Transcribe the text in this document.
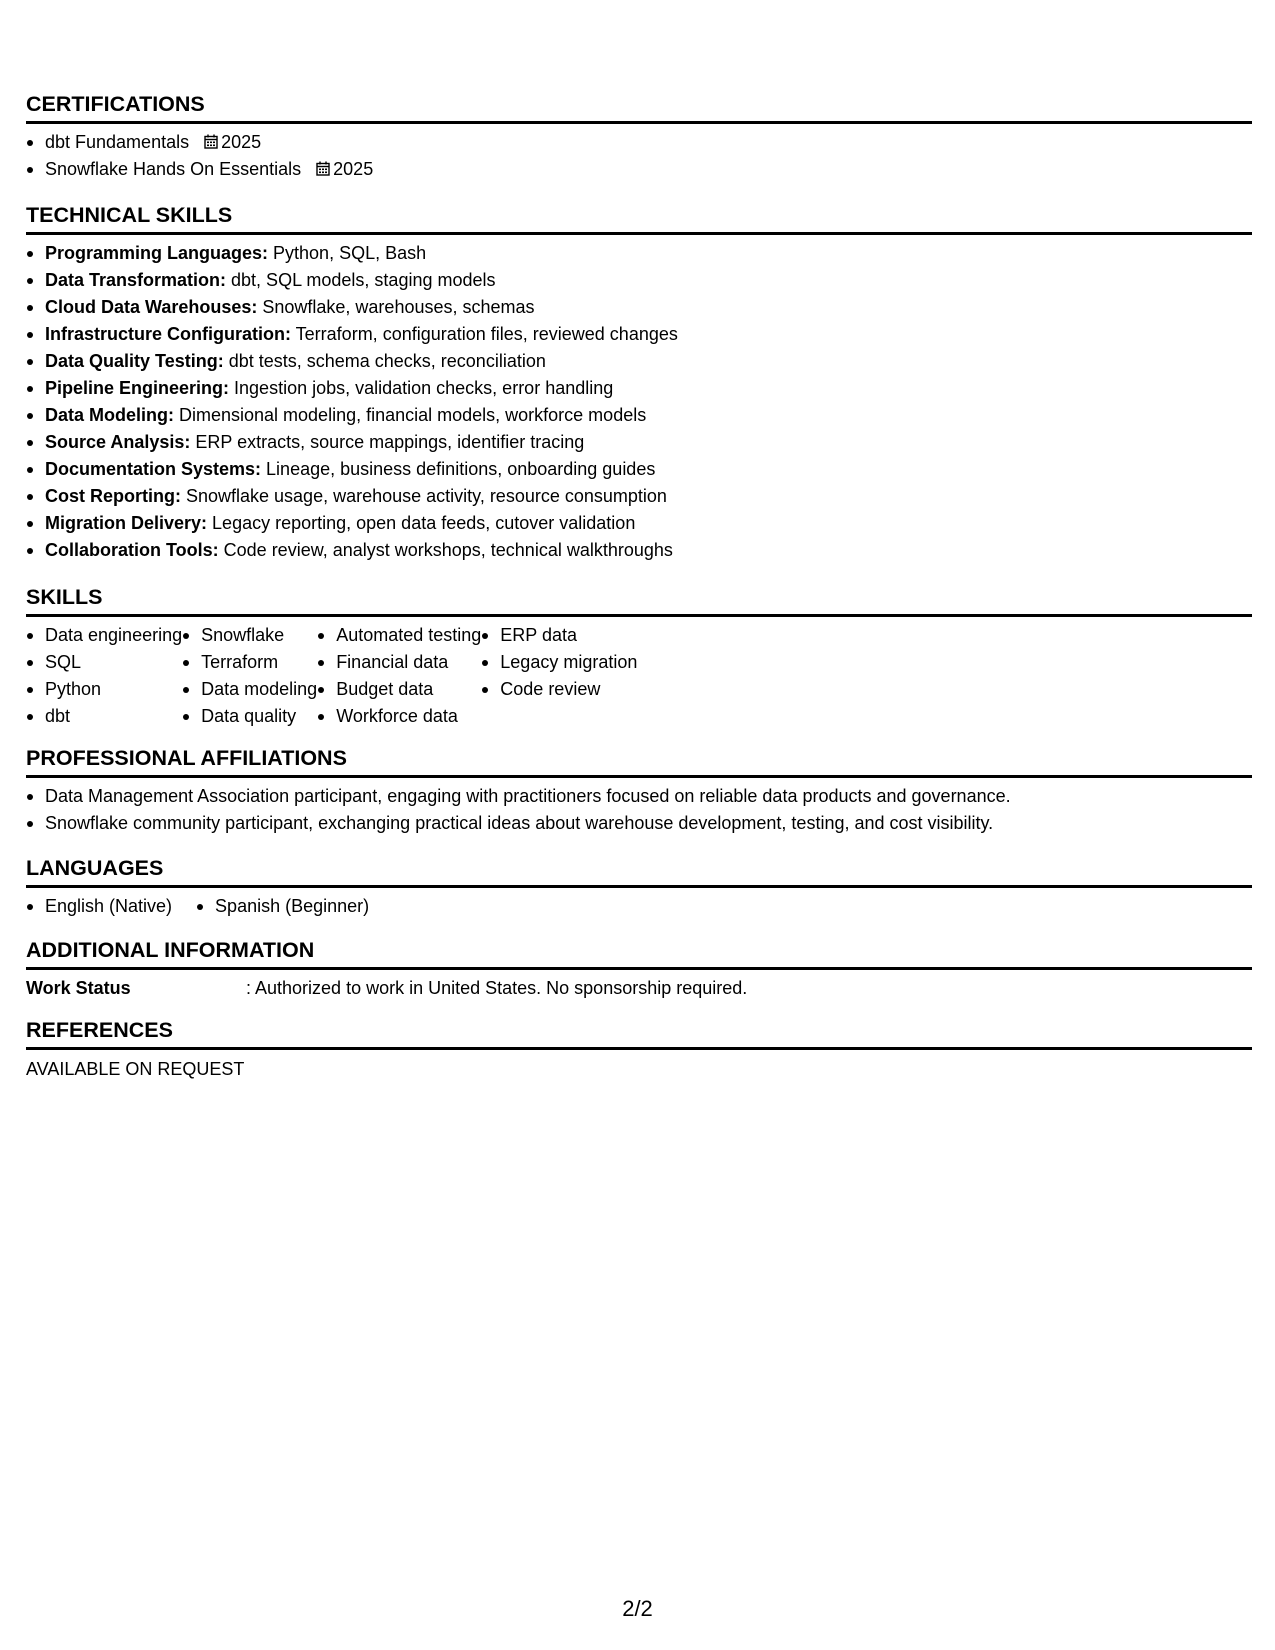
CERTIFICATIONS
dbt Fundamentals 2025
Snowflake Hands On Essentials 2025
TECHNICAL SKILLS
Programming Languages: Python, SQL, Bash
Data Transformation: dbt, SQL models, staging models
Cloud Data Warehouses: Snowflake, warehouses, schemas
Infrastructure Configuration: Terraform, configuration files, reviewed changes
Data Quality Testing: dbt tests, schema checks, reconciliation
Pipeline Engineering: Ingestion jobs, validation checks, error handling
Data Modeling: Dimensional modeling, financial models, workforce models
Source Analysis: ERP extracts, source mappings, identifier tracing
Documentation Systems: Lineage, business definitions, onboarding guides
Cost Reporting: Snowflake usage, warehouse activity, resource consumption
Migration Delivery: Legacy reporting, open data feeds, cutover validation
Collaboration Tools: Code review, analyst workshops, technical walkthroughs
SKILLS
Data engineering
SQL
Python
dbt
Snowflake
Terraform
Data modeling
Data quality
Automated testing
Financial data
Budget data
Workforce data
ERP data
Legacy migration
Code review
PROFESSIONAL AFFILIATIONS
Data Management Association participant, engaging with practitioners focused on reliable data products and governance.
Snowflake community participant, exchanging practical ideas about warehouse development, testing, and cost visibility.
LANGUAGES
English (Native)	Spanish (Beginner)
ADDITIONAL INFORMATION
Work Status	: Authorized to work in United States. No sponsorship required.
REFERENCES
AVAILABLE ON REQUEST
2/2
